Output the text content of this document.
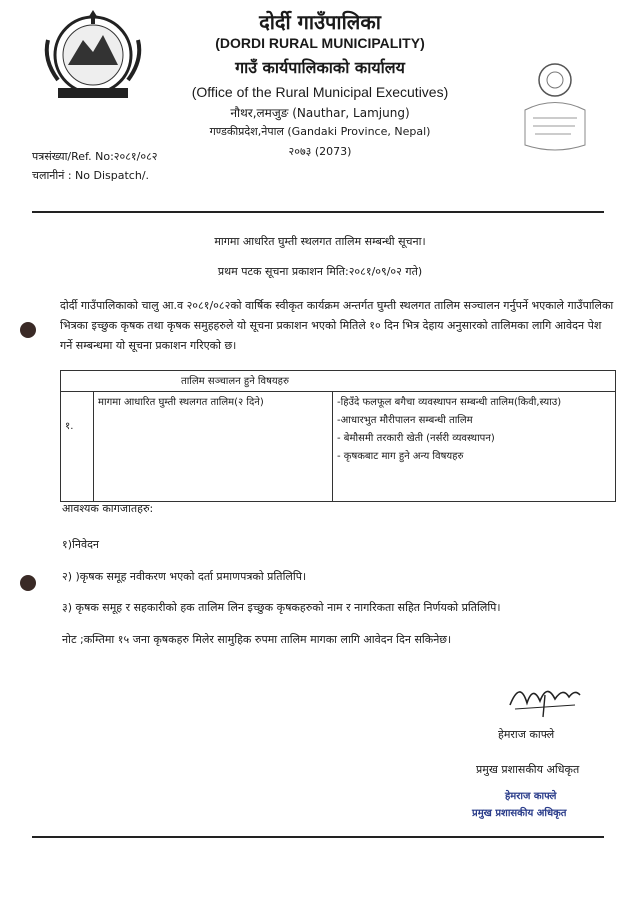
दोर्दी गाउँपालिका
(DORDI RURAL MUNICIPALITY)
गाउँ कार्यपालिकाको कार्यालय
(Office of the Rural Municipal Executives)
नौथर,लमजुङ (Nauthar, Lamjung)
गण्डकीप्रदेश,नेपाल (Gandaki Province, Nepal)
२०७३ (2073)
पत्रसंख्या/Ref. No:२०८१/०८२
चलानीनं : No Dispatch/.
मागमा आधरित घुम्ती स्थलगत तालिम सम्बन्धी सूचना।
प्रथम पटक सूचना प्रकाशन मिति:२०८१/०९/०२ गते)
दोर्दी गाउँपालिकाको चालु आ.व २०८१/०८२को वार्षिक स्वीकृत कार्यक्रम अन्तर्गत घुम्ती स्थलगत तालिम सञ्चालन गर्नुपर्ने भएकाले गाउँपालिका भित्रका इच्छुक कृषक तथा कृषक समुहहरुले यो सूचना प्रकाशन भएको मितिले १० दिन भित्र देहाय अनुसारको तालिमका लागि आवेदन पेश गर्ने सम्बन्धमा यो सूचना प्रकाशन गरिएको छ।
तालिम सञ्चालन हुने विषयहरु
१.	मागमा आधारित घुम्ती स्थलगत तालिम(२ दिने)	-हिउँदे फलफूल बगैचा व्यवस्थापन सम्बन्धी तालिम(किवी,स्याउ)
-आधारभुत मौरीपालन सम्बन्धी तालिम
- बेमौसमी तरकारी खेती (नर्सरी व्यवस्थापन)
- कृषकबाट माग हुने अन्य विषयहरु
आवश्यक कागजातहरु:
१)निवेदन
२) )कृषक समूह नवीकरण भएको दर्ता प्रमाणपत्रको प्रतिलिपि।
३) कृषक समूह र सहकारीको हक तालिम लिन इच्छुक कृषकहरुको नाम र नागरिकता सहित निर्णयको प्रतिलिपि।
नोट ;कम्तिमा १५ जना कृषकहरु मिलेर सामुहिक रुपमा तालिम मागका लागि आवेदन दिन सकिनेछ।
हेमराज काफ्ले
प्रमुख प्रशासकीय अधिकृत
हेमराज काफ्ले
प्रमुख प्रशासकीय अधिकृत
